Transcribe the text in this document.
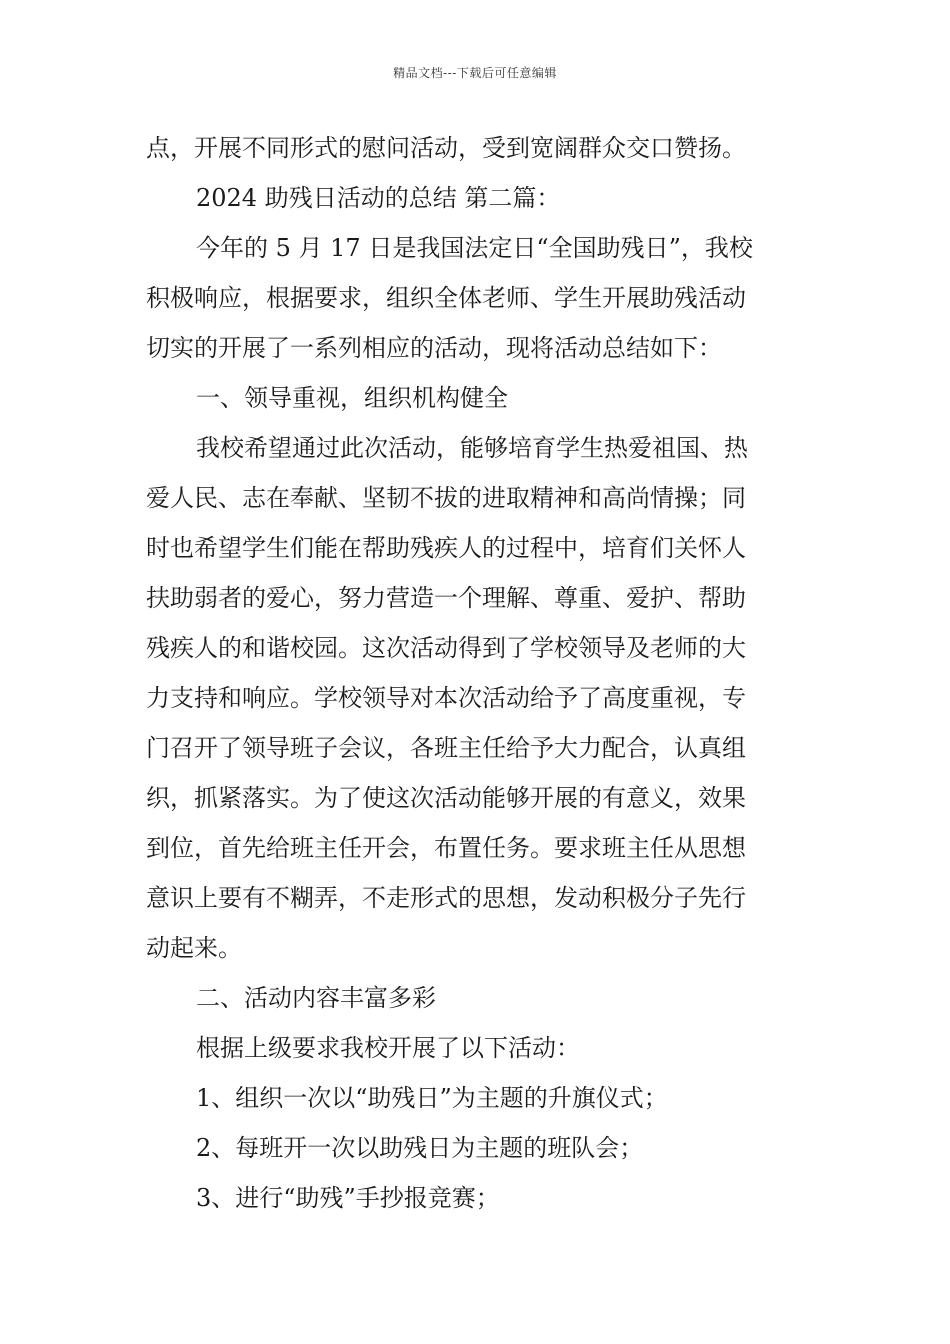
精品文档---下载后可任意编辑
点，开展不同形式的慰问活动，受到宽阔群众交口赞扬。
2024 助残日活动的总结 第二篇：
今年的 5 月 17 日是我国法定日“全国助残日”，我校
积极响应，根据要求，组织全体老师、学生开展助残活动
切实的开展了一系列相应的活动，现将活动总结如下：
一、领导重视，组织机构健全
我校希望通过此次活动，能够培育学生热爱祖国、热
爱人民、志在奉献、坚韧不拔的进取精神和高尚情操；同
时也希望学生们能在帮助残疾人的过程中，培育们关怀人
扶助弱者的爱心，努力营造一个理解、尊重、爱护、帮助
残疾人的和谐校园。这次活动得到了学校领导及老师的大
力支持和响应。学校领导对本次活动给予了高度重视，专
门召开了领导班子会议，各班主任给予大力配合，认真组
织，抓紧落实。为了使这次活动能够开展的有意义，效果
到位，首先给班主任开会，布置任务。要求班主任从思想
意识上要有不糊弄，不走形式的思想，发动积极分子先行
动起来。
二、活动内容丰富多彩
根据上级要求我校开展了以下活动：
1、组织一次以“助残日”为主题的升旗仪式；
2、每班开一次以助残日为主题的班队会；
3、进行“助残”手抄报竞赛；
